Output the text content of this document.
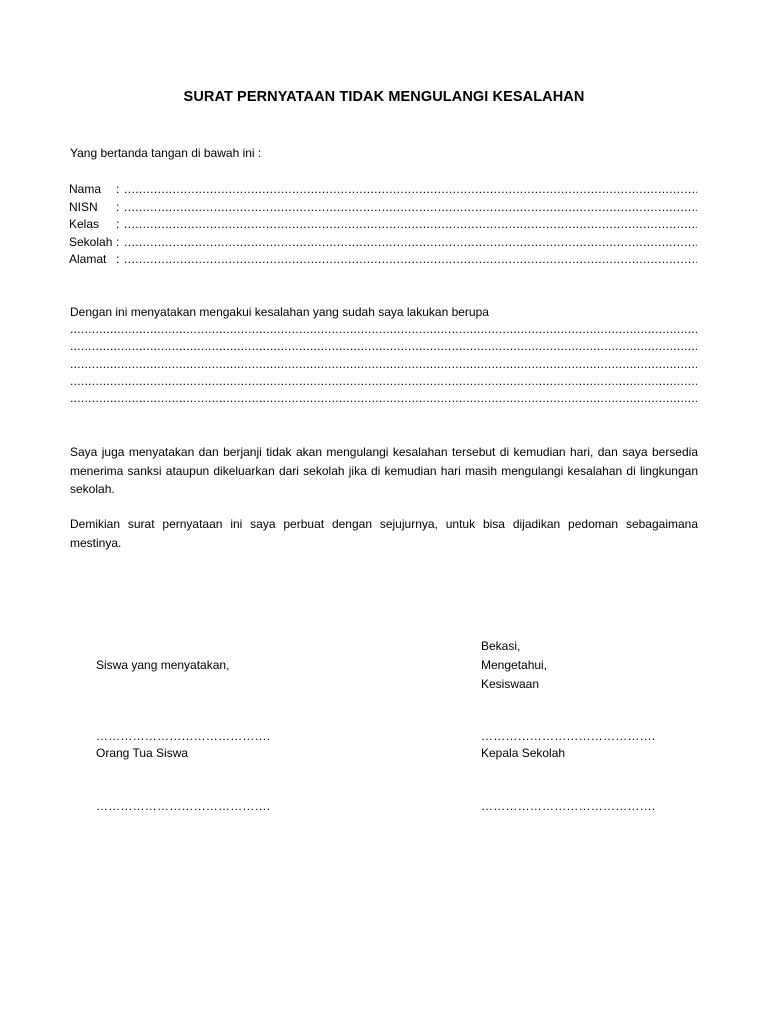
SURAT PERNYATAAN TIDAK MENGULANGI KESALAHAN
Yang bertanda tangan di bawah ini :
Nama	:
.....
NISN	:
.....
Kelas	:
.....
Sekolah :
.....
Alamat :
.....
Dengan ini menyatakan mengakui kesalahan yang sudah saya lakukan berupa
.....
.....
.....
.....
.....
Saya juga menyatakan dan berjanji tidak akan mengulangi kesalahan tersebut di kemudian hari, dan saya bersedia menerima sanksi ataupun dikeluarkan dari sekolah jika di kemudian hari masih mengulangi kesalahan di lingkungan sekolah.
Demikian surat pernyataan ini saya perbuat dengan sejujurnya, untuk bisa dijadikan pedoman sebagaimana mestinya.
Siswa yang menyatakan,
…………………………………….
Orang Tua Siswa
…………………………………….
Bekasi,
Mengetahui,
Kesiswaan
…………………………………….
Kepala Sekolah
…………………………………….
